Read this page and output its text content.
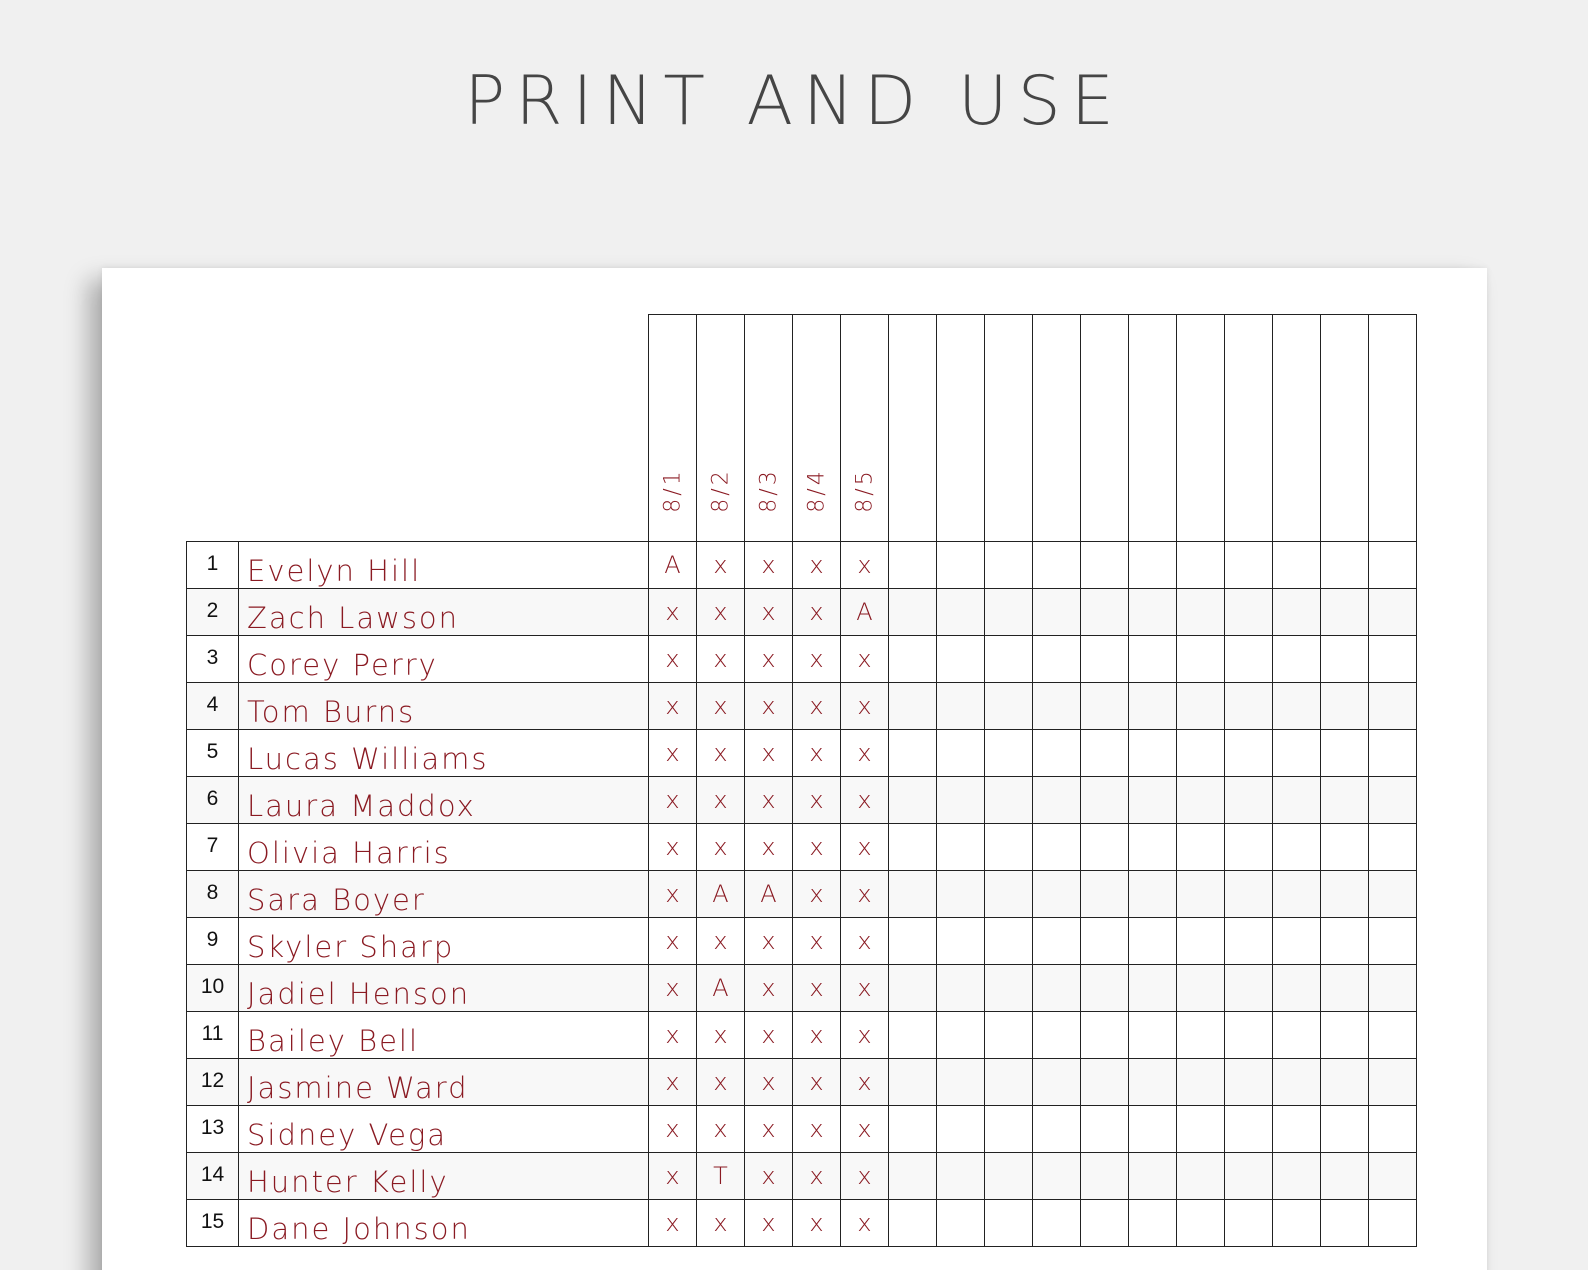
PRINT AND USE

		8/1	8/2	8/3	8/4	8/5											

1	Evelyn Hill	A	x	x	x	x											
2	Zach Lawson	x	x	x	x	A											
3	Corey Perry	x	x	x	x	x											
4	Tom Burns	x	x	x	x	x											
5	Lucas Williams	x	x	x	x	x											
6	Laura Maddox	x	x	x	x	x											
7	Olivia Harris	x	x	x	x	x											
8	Sara Boyer	x	A	A	x	x											
9	Skyler Sharp	x	x	x	x	x											
10	Jadiel Henson	x	A	x	x	x											
11	Bailey Bell	x	x	x	x	x											
12	Jasmine Ward	x	x	x	x	x											
13	Sidney Vega	x	x	x	x	x											
14	Hunter Kelly	x	T	x	x	x											
15	Dane Johnson	x	x	x	x	x											
